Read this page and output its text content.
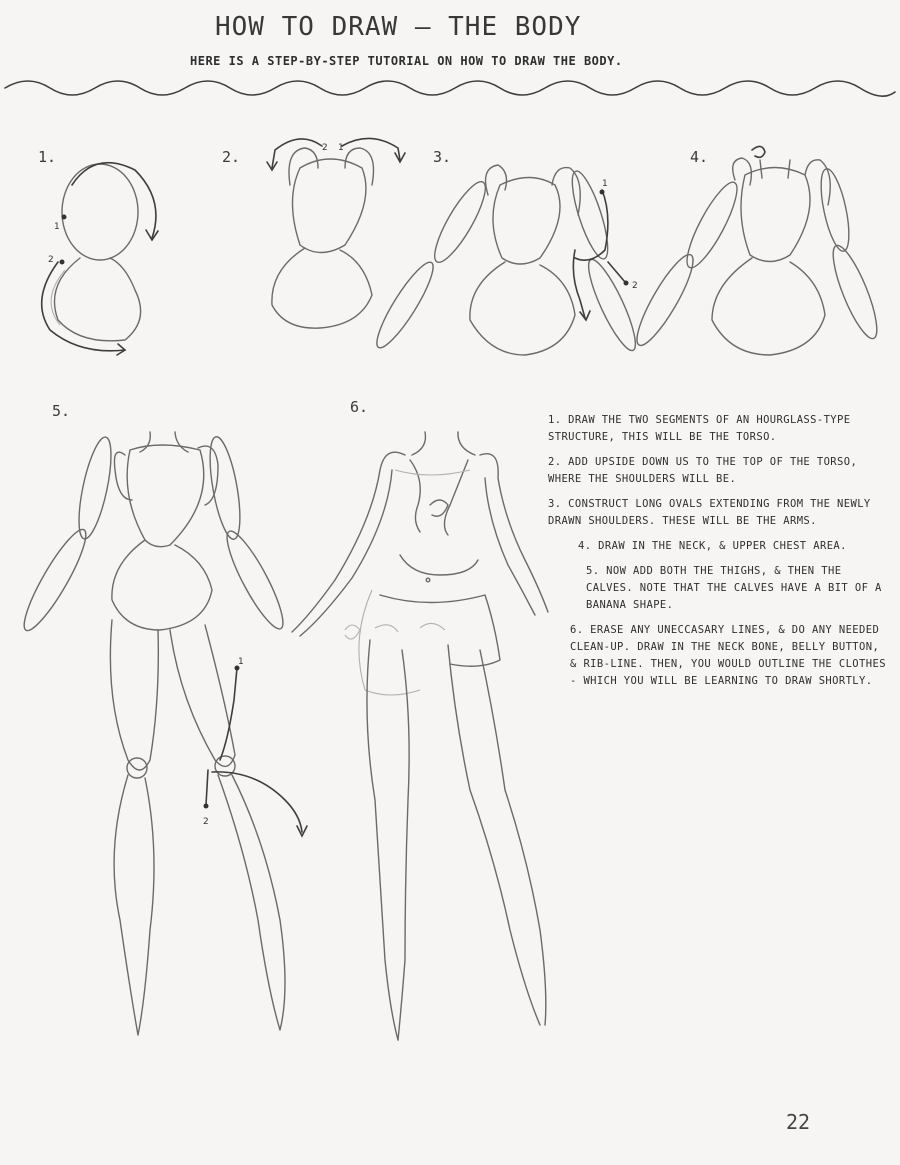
HOW TO DRAW — THE BODY
HERE IS A STEP-BY-STEP TUTORIAL ON HOW TO DRAW THE BODY.
1.	2.	3.	4.
5.	6.
1
2
2 1
1
2
1
2

1. DRAW THE TWO SEGMENTS OF AN HOURGLASS-TYPE STRUCTURE, THIS WILL BE THE TORSO.

2. ADD UPSIDE DOWN US TO THE TOP OF THE TORSO, WHERE THE SHOULDERS WILL BE.

3. CONSTRUCT LONG OVALS EXTENDING FROM THE NEWLY DRAWN SHOULDERS. THESE WILL BE THE ARMS.

4. DRAW IN THE NECK, & UPPER CHEST AREA.

5. NOW ADD BOTH THE THIGHS, & THEN THE CALVES. NOTE THAT THE CALVES HAVE A BIT OF A BANANA SHAPE.

6. ERASE ANY UNECCASARY LINES, & DO ANY NEEDED CLEAN-UP. DRAW IN THE NECK BONE, BELLY BUTTON, & RIB-LINE. THEN, YOU WOULD OUTLINE THE CLOTHES - WHICH YOU WILL BE LEARNING TO DRAW SHORTLY.

22
